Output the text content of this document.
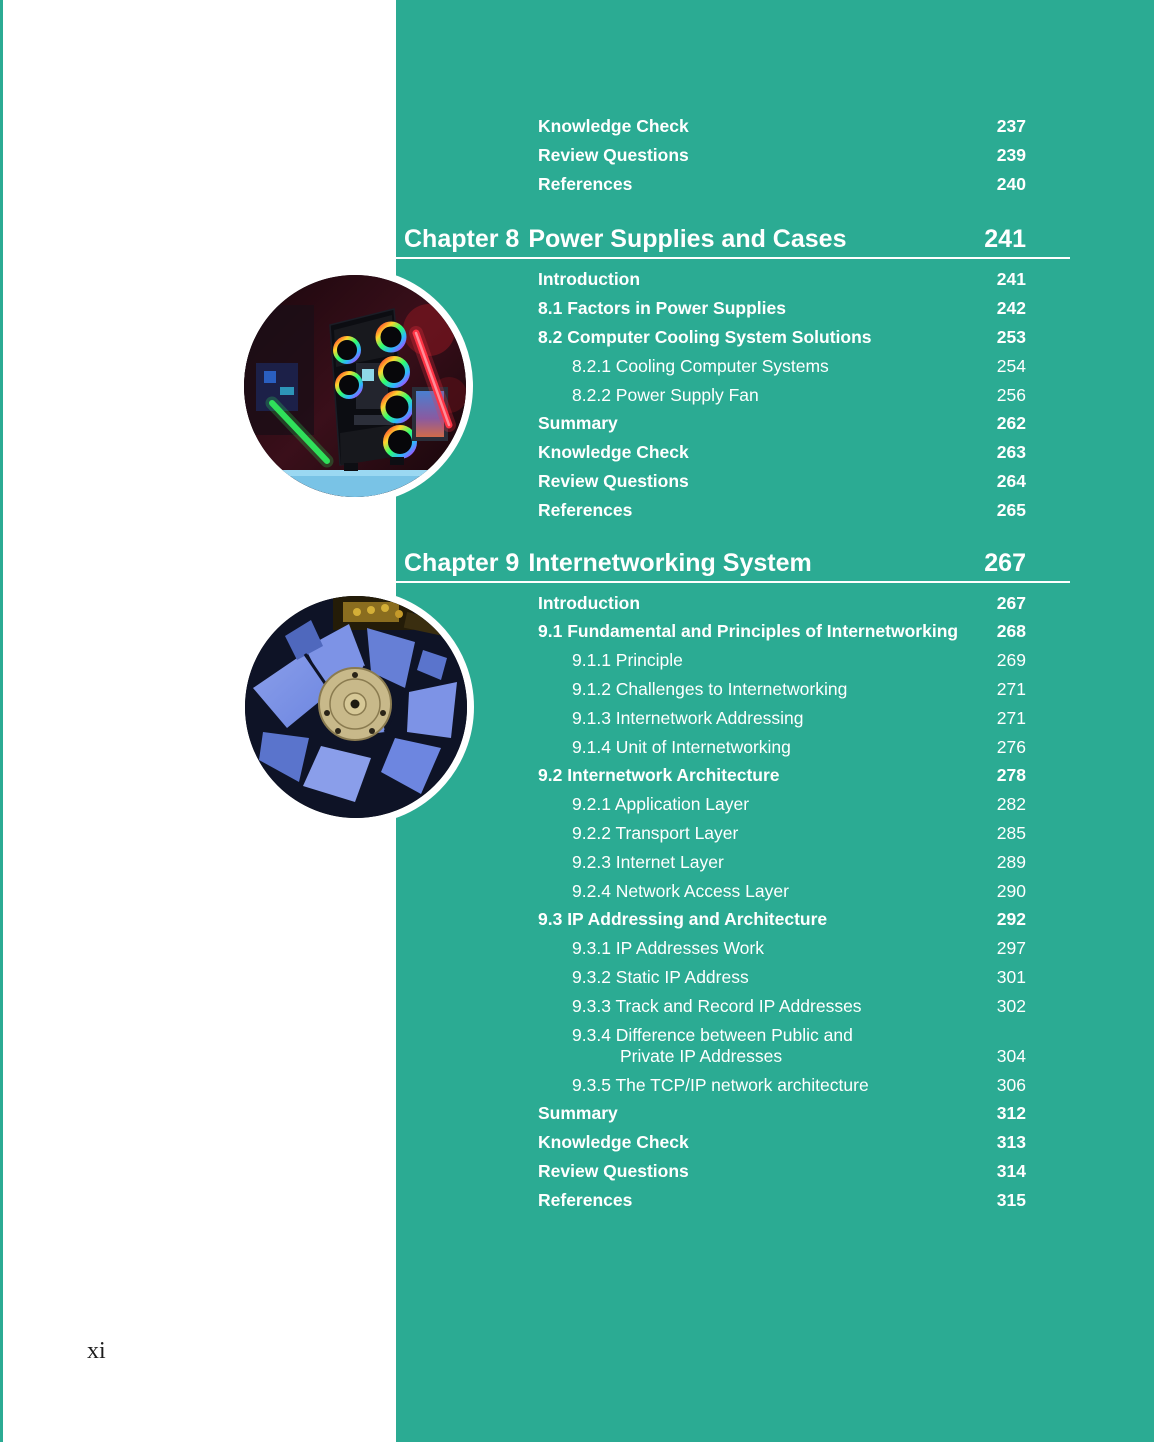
Knowledge Check	237
Review Questions	239
References	240
Chapter 8 Power Supplies and Cases	241
Introduction	241
8.1 Factors in Power Supplies	242
8.2 Computer Cooling System Solutions	253
8.2.1 Cooling Computer Systems	254
8.2.2 Power Supply Fan	256
Summary	262
Knowledge Check	263
Review Questions	264
References	265
Chapter 9 Internetworking System	267
Introduction	267
9.1 Fundamental and Principles of Internetworking 268
9.1.1 Principle	269
9.1.2 Challenges to Internetworking	271
9.1.3 Internetwork Addressing	271
9.1.4 Unit of Internetworking	276
9.2 Internetwork Architecture	278
9.2.1 Application Layer	282
9.2.2 Transport Layer	285
9.2.3 Internet Layer	289
9.2.4 Network Access Layer	290
9.3 IP Addressing and Architecture	292
9.3.1 IP Addresses Work	297
9.3.2 Static IP Address	301
9.3.3 Track and Record IP Addresses	302
9.3.4 Difference between Public and
Private IP Addresses	304
9.3.5 The TCP/IP network architecture	306
Summary	312
Knowledge Check	313
Review Questions	314
References	315
xi
